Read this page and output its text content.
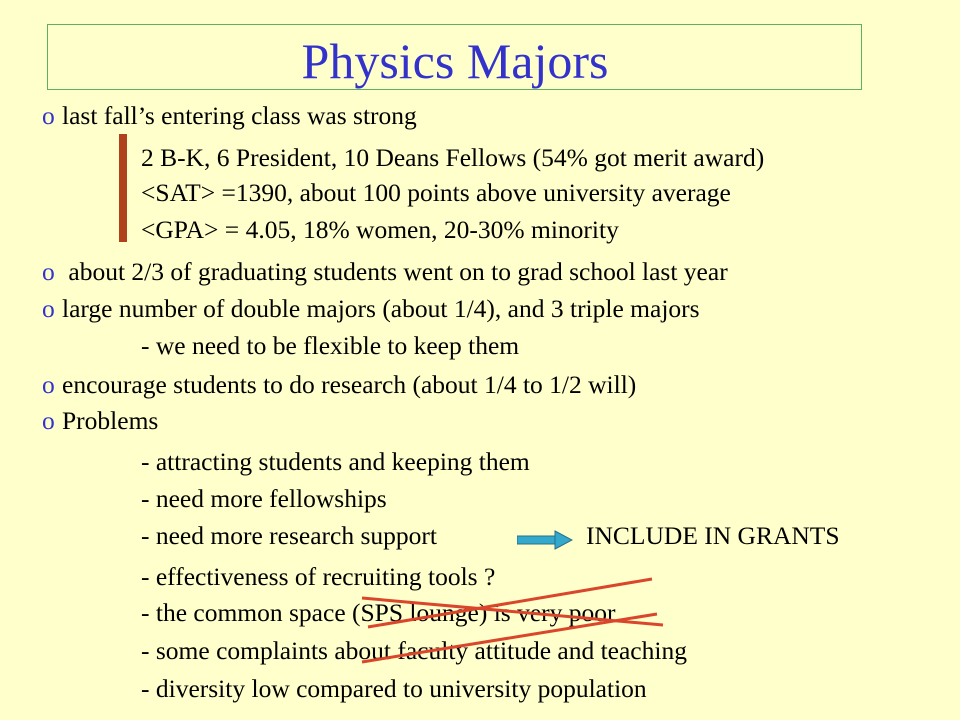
Physics Majors
o last fall’s entering class was strong
2 B-K, 6 President, 10 Deans Fellows (54% got merit award)
<SAT> =1390, about 100 points above university average
<GPA> = 4.05, 18% women, 20-30% minority
o about 2/3 of graduating students went on to grad school last year
o large number of double majors (about 1/4), and 3 triple majors
- we need to be flexible to keep them
o encourage students to do research (about 1/4 to 1/2 will)
o Problems
- attracting students and keeping them
- need more fellowships
- need more research support	INCLUDE IN GRANTS
- effectiveness of recruiting tools ?
- the common space (SPS lounge) is very poor
- some complaints about faculty attitude and teaching
- diversity low compared to university population
